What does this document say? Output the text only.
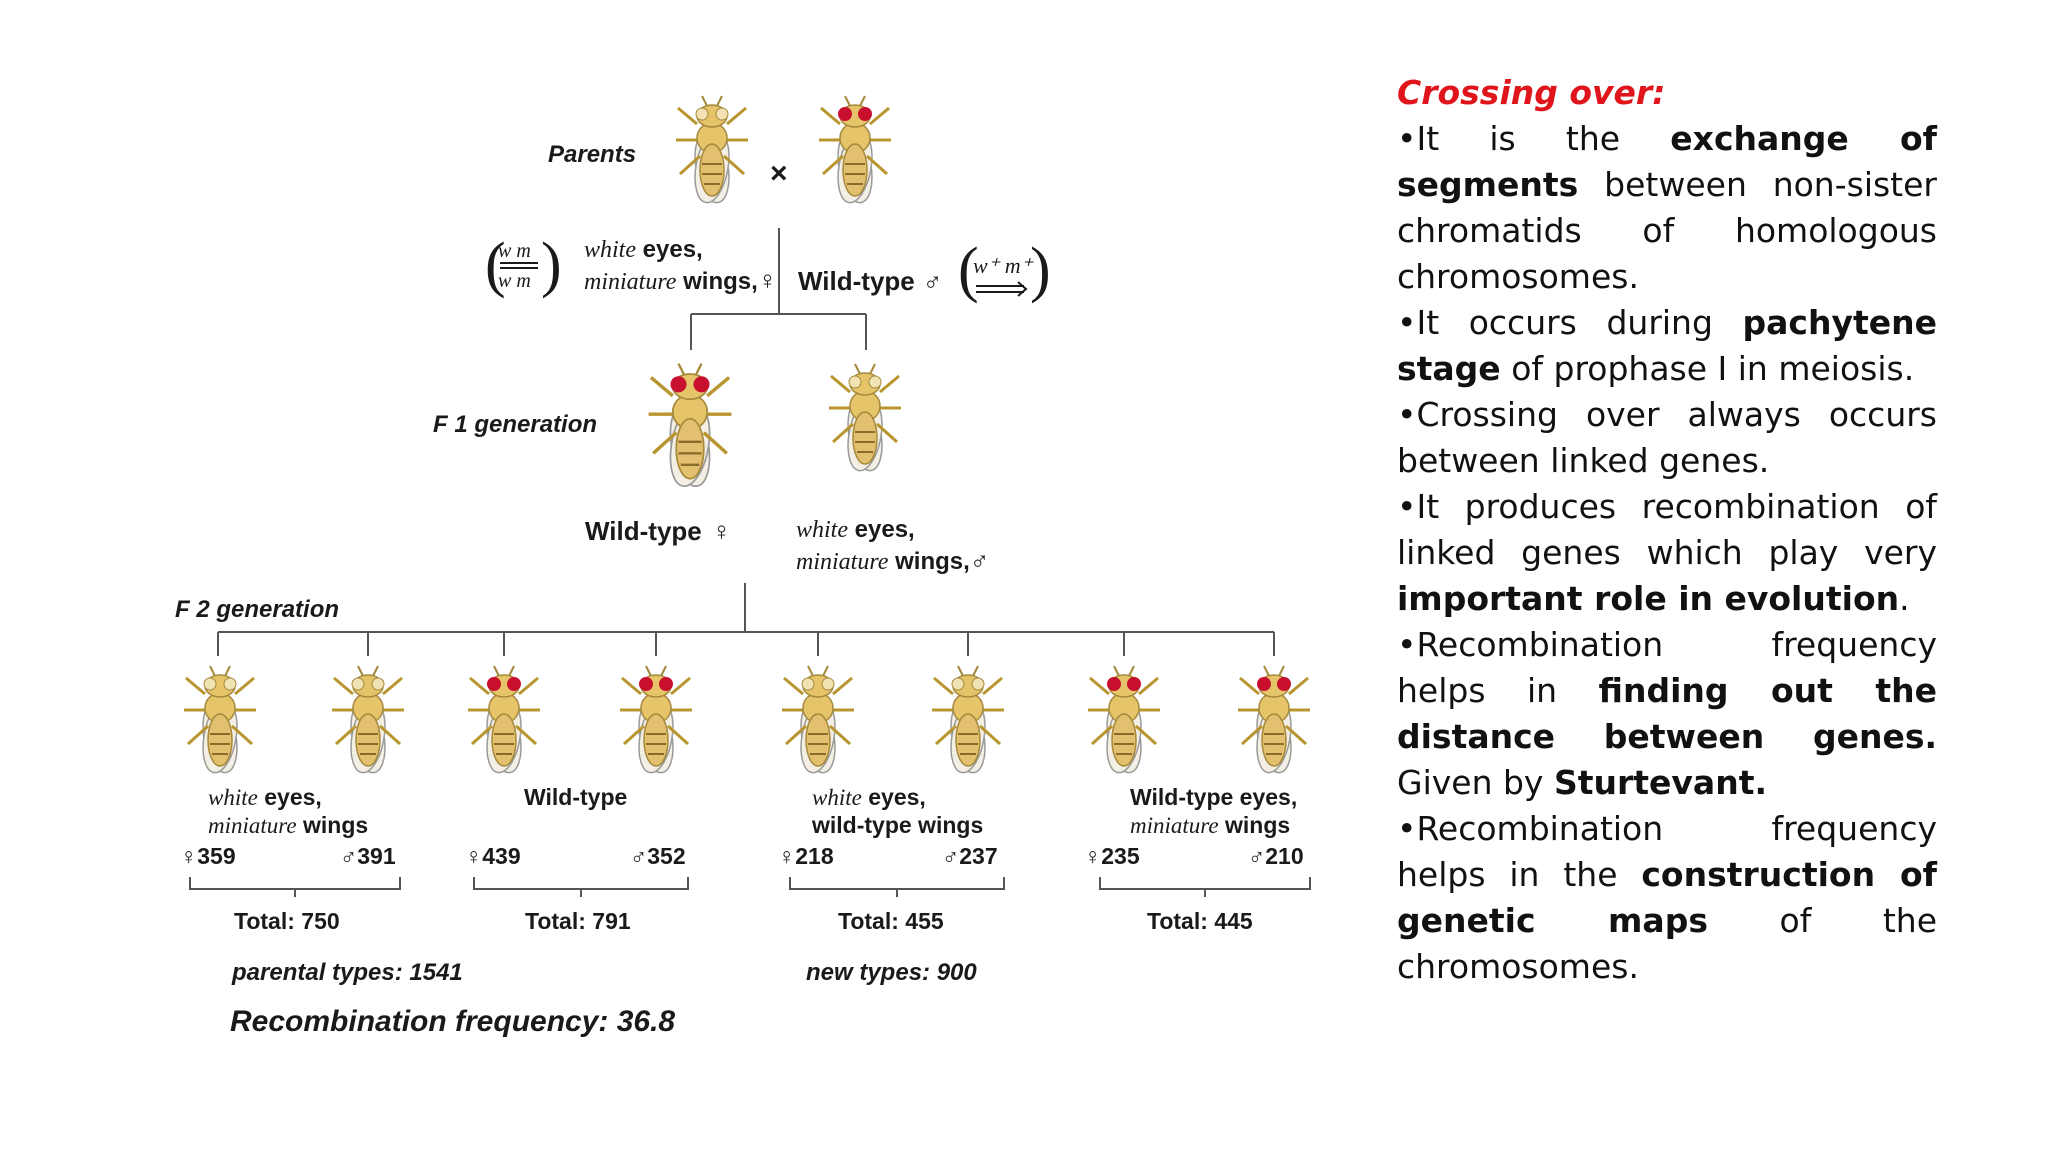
Parents
×
(
w m
w m ) white eyes,
miniature wings,♀ Wild-type ♂ (
w⁺ m⁺
)
F 1 generation
Wild-type ♀	white eyes,
miniature wings,♂
F 2 generation
white eyes,
miniature wings
♀359	♂391
Total: 750
Wild-type
♀439	♂352
Total: 791
white eyes,
wild-type wings
♀218	♂237
Total: 455
Wild-type eyes,
miniature wings
♀235	♂210
Total: 445
parental types: 1541	new types: 900
Recombination frequency: 36.8

Crossing over:

•It is the exchange of segments between non-sister chromatids of homologous chromosomes.

•It occurs during pachytene stage of prophase I in meiosis.

•Crossing over always occurs between linked genes.

•It produces recombination of linked genes which play very important role in evolution.

•Recombination frequency helps in finding out the distance between genes. Given by Sturtevant.

•Recombination frequency helps in the construction of genetic maps of the chromosomes.
